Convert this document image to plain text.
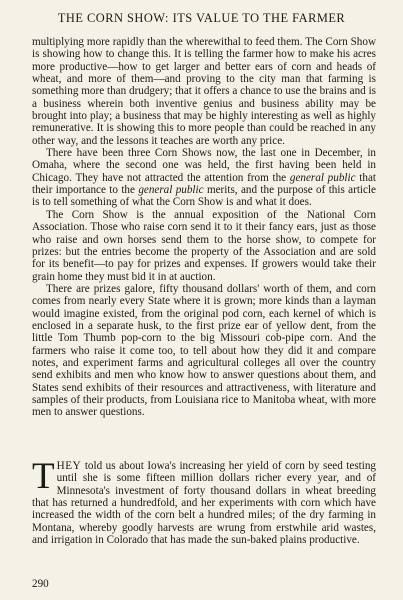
THE CORN SHOW: ITS VALUE TO THE FARMER

multiplying more rapidly than the wherewithal to feed them. The Corn Show is showing how to change this. It is telling the farmer how to make his acres more productive—how to get larger and better ears of corn and heads of wheat, and more of them—and proving to the city man that farming is something more than drudgery; that it offers a chance to use the brains and is a business wherein both inventive genius and business ability may be brought into play; a business that may be highly interesting as well as highly remunerative. It is showing this to more people than could be reached in any other way, and the lessons it teaches are worth any price.

There have been three Corn Shows now, the last one in December, in Omaha, where the second one was held, the first having been held in Chicago. They have not attracted the attention from the general public that their importance to the general public merits, and the purpose of this article is to tell something of what the Corn Show is and what it does.

The Corn Show is the annual exposition of the National Corn Association. Those who raise corn send it to it their fancy ears, just as those who raise and own horses send them to the horse show, to compete for prizes: but the entries become the property of the Association and are sold for its benefit—to pay for prizes and expenses. If growers would take their grain home they must bid it in at auction.

There are prizes galore, fifty thousand dollars' worth of them, and corn comes from nearly every State where it is grown; more kinds than a layman would imagine existed, from the original pod corn, each kernel of which is enclosed in a separate husk, to the first prize ear of yellow dent, from the little Tom Thumb pop-corn to the big Missouri cob-pipe corn. And the farmers who raise it come too, to tell about how they did it and compare notes, and experiment farms and agricultural colleges all over the country send exhibits and men who know how to answer questions about them, and States send exhibits of their resources and attractiveness, with literature and samples of their products, from Louisiana rice to Manitoba wheat, with more men to answer questions.

THEY told us about Iowa's increasing her yield of corn by seed testing until she is some fifteen million dollars richer every year, and of Minnesota's investment of forty thousand dollars in wheat breeding that has returned a hundredfold, and her experiments with corn which have increased the width of the corn belt a hundred miles; of the dry farming in Montana, whereby goodly harvests are wrung from erstwhile arid wastes, and irrigation in Colorado that has made the sun-baked plains productive.
290
